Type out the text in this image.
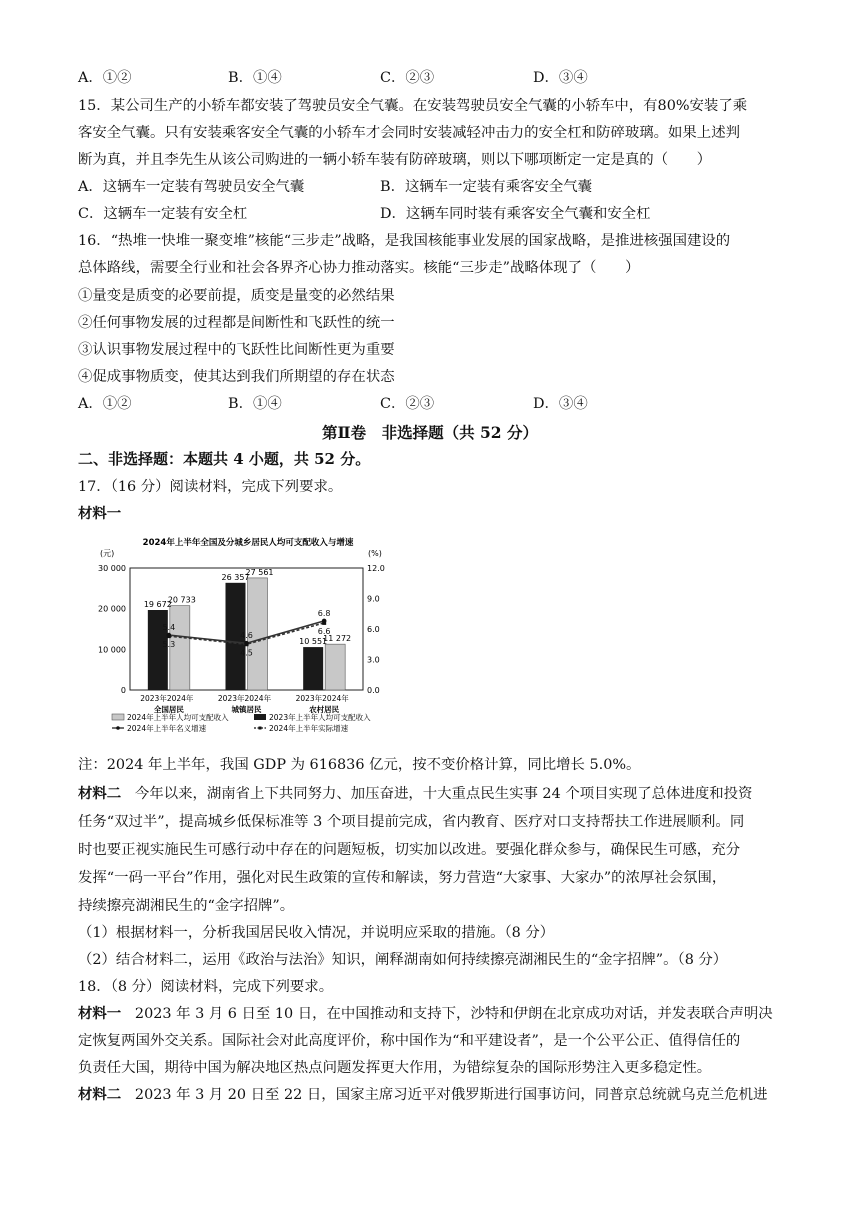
A．①②	B．①④	C．②③	D．③④
15．某公司生产的小轿车都安装了驾驶员安全气囊。在安装驾驶员安全气囊的小轿车中，有80%安装了乘
客安全气囊。只有安装乘客安全气囊的小轿车才会同时安装减轻冲击力的安全杠和防碎玻璃。如果上述判
断为真，并且李先生从该公司购进的一辆小轿车装有防碎玻璃，则以下哪项断定一定是真的（　　）
A．这辆车一定装有驾驶员安全气囊	B．这辆车一定装有乘客安全气囊
C．这辆车一定装有安全杠	D．这辆车同时装有乘客安全气囊和安全杠
16．“热堆一快堆一聚变堆”核能“三步走”战略，是我国核能事业发展的国家战略，是推进核强国建设的
总体路线，需要全行业和社会各界齐心协力推动落实。核能“三步走”战略体现了（　　）
①量变是质变的必要前提，质变是量变的必然结果
②任何事物发展的过程都是间断性和飞跃性的统一
③认识事物发展过程中的飞跃性比间断性更为重要
④促成事物质变，使其达到我们所期望的存在状态
A．①②	B．①④	C．②③	D．③④
第Ⅱ卷　非选择题（共 52 分）
二、非选择题：本题共 4 小题，共 52 分。
17．（16 分）阅读材料，完成下列要求。
材料一
2024年上半年全国及分城乡居民人均可支配收入与增速
(元)	(%)
30 000
20 000
10 000
0
12.0
9.0
6.0
3.0
0.0
19 672
20 733
2023年2024年
全国居民
26 357
27 561
2023年2024年
城镇居民
10 551
11 272
2023年2024年
农村居民
5.4
4.6
6.8
5.3
4.5
6.6
2024年上半年人均可支配收入	2023年上半年人均可支配收入
2024年上半年名义增速	2024年上半年实际增速
注：2024 年上半年，我国 GDP 为 616836 亿元，按不变价格计算，同比增长 5.0%。
材料二 今年以来，湖南省上下共同努力、加压奋进，十大重点民生实事 24 个项目实现了总体进度和投资
任务“双过半”，提高城乡低保标准等 3 个项目提前完成，省内教育、医疗对口支持帮扶工作进展顺利。同
时也要正视实施民生可感行动中存在的问题短板，切实加以改进。要强化群众参与，确保民生可感，充分
发挥“一码一平台”作用，强化对民生政策的宣传和解读，努力营造“大家事、大家办”的浓厚社会氛围，
持续擦亮湖湘民生的“金字招牌”。
（1）根据材料一，分析我国居民收入情况，并说明应采取的措施。（8 分）
（2）结合材料二，运用《政治与法治》知识，阐释湖南如何持续擦亮湖湘民生的“金字招牌”。（8 分）
18．（8 分）阅读材料，完成下列要求。
材料一 2023 年 3 月 6 日至 10 日，在中国推动和支持下，沙特和伊朗在北京成功对话，并发表联合声明决
定恢复两国外交关系。国际社会对此高度评价，称中国作为“和平建设者”，是一个公平公正、值得信任的
负责任大国，期待中国为解决地区热点问题发挥更大作用，为错综复杂的国际形势注入更多稳定性。
材料二 2023 年 3 月 20 日至 22 日，国家主席习近平对俄罗斯进行国事访问，同普京总统就乌克兰危机进
